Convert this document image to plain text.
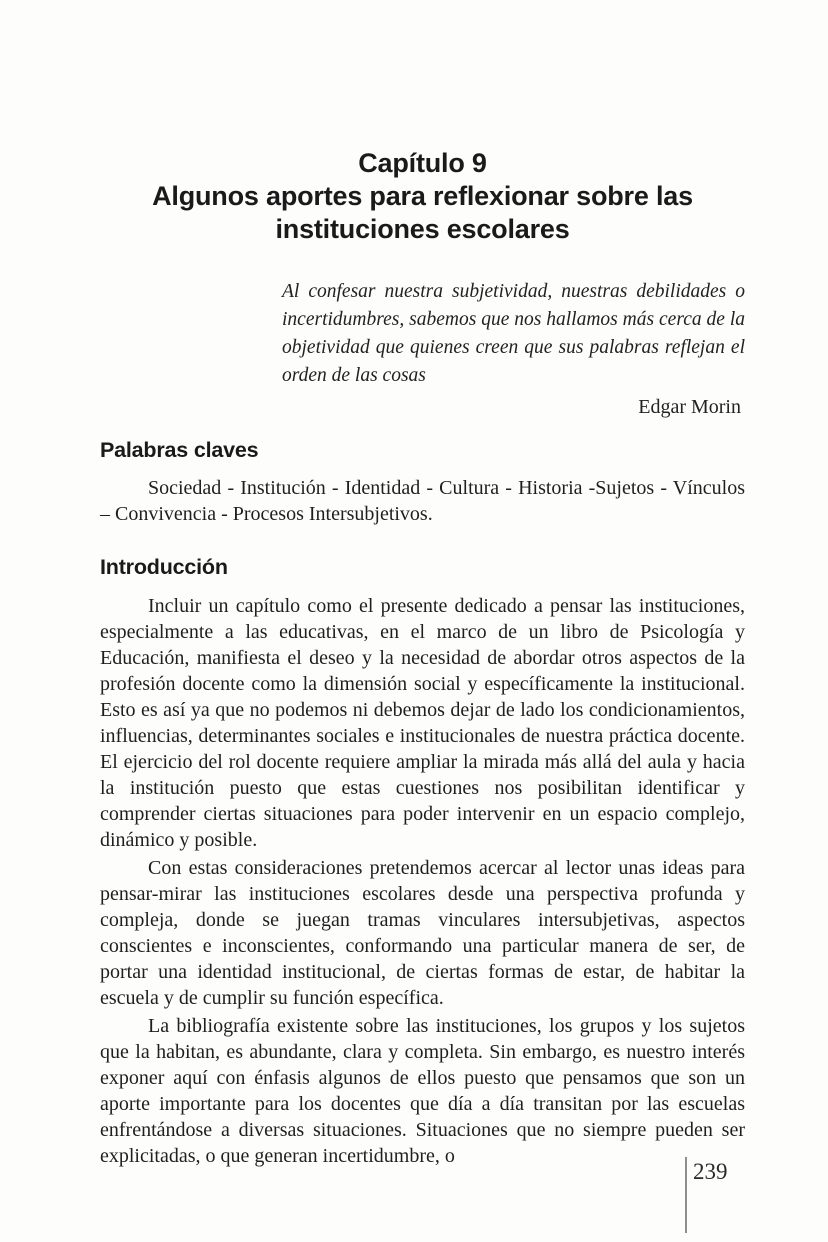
Capítulo 9
Algunos aportes para reflexionar sobre las
instituciones escolares
Al confesar nuestra subjetividad, nuestras debilidades o incertidumbres, sabemos que nos hallamos más cerca de la objetividad que quienes creen que sus palabras reflejan el orden de las cosas
Edgar Morin
Palabras claves

Sociedad - Institución - Identidad - Cultura - Historia -Sujetos - Vínculos – Convivencia - Procesos Intersubjetivos.

Introducción

Incluir un capítulo como el presente dedicado a pensar las instituciones, especialmente a las educativas, en el marco de un libro de Psicología y Educación, manifiesta el deseo y la necesidad de abordar otros aspectos de la profesión docente como la dimensión social y específicamente la institucional. Esto es así ya que no podemos ni debemos dejar de lado los condicionamientos, influencias, determinantes sociales e institucionales de nuestra práctica docente. El ejercicio del rol docente requiere ampliar la mirada más allá del aula y hacia la institución puesto que estas cuestiones nos posibilitan identificar y comprender ciertas situaciones para poder intervenir en un espacio complejo, dinámico y posible.

Con estas consideraciones pretendemos acercar al lector unas ideas para pensar-mirar las instituciones escolares desde una perspectiva profunda y compleja, donde se juegan tramas vinculares intersubjetivas, aspectos conscientes e inconscientes, conformando una particular manera de ser, de portar una identidad institucional, de ciertas formas de estar, de habitar la escuela y de cumplir su función específica.

La bibliografía existente sobre las instituciones, los grupos y los sujetos que la habitan, es abundante, clara y completa. Sin embargo, es nuestro interés exponer aquí con énfasis algunos de ellos puesto que pensamos que son un aporte importante para los docentes que día a día transitan por las escuelas enfrentándose a diversas situaciones. Situaciones que no siempre pueden ser explicitadas, o que generan incertidumbre, o

239
